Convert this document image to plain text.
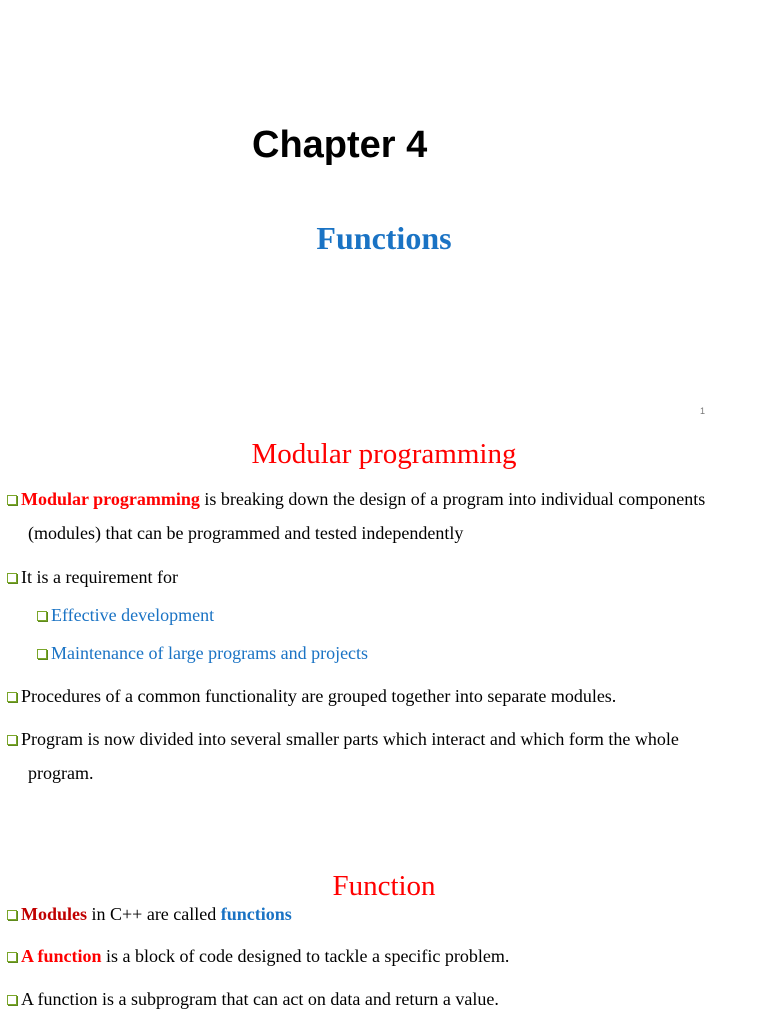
Chapter 4
Functions
1
Modular programming
Modular programming is breaking down the design of a program into individual components
(modules) that can be programmed and tested independently
It is a requirement for
Effective development
Maintenance of large programs and projects
Procedures of a common functionality are grouped together into separate modules.
Program is now divided into several smaller parts which interact and which form the whole
program.
Function
Modules in C++ are called functions
A function is a block of code designed to tackle a specific problem.
A function is a subprogram that can act on data and return a value.
